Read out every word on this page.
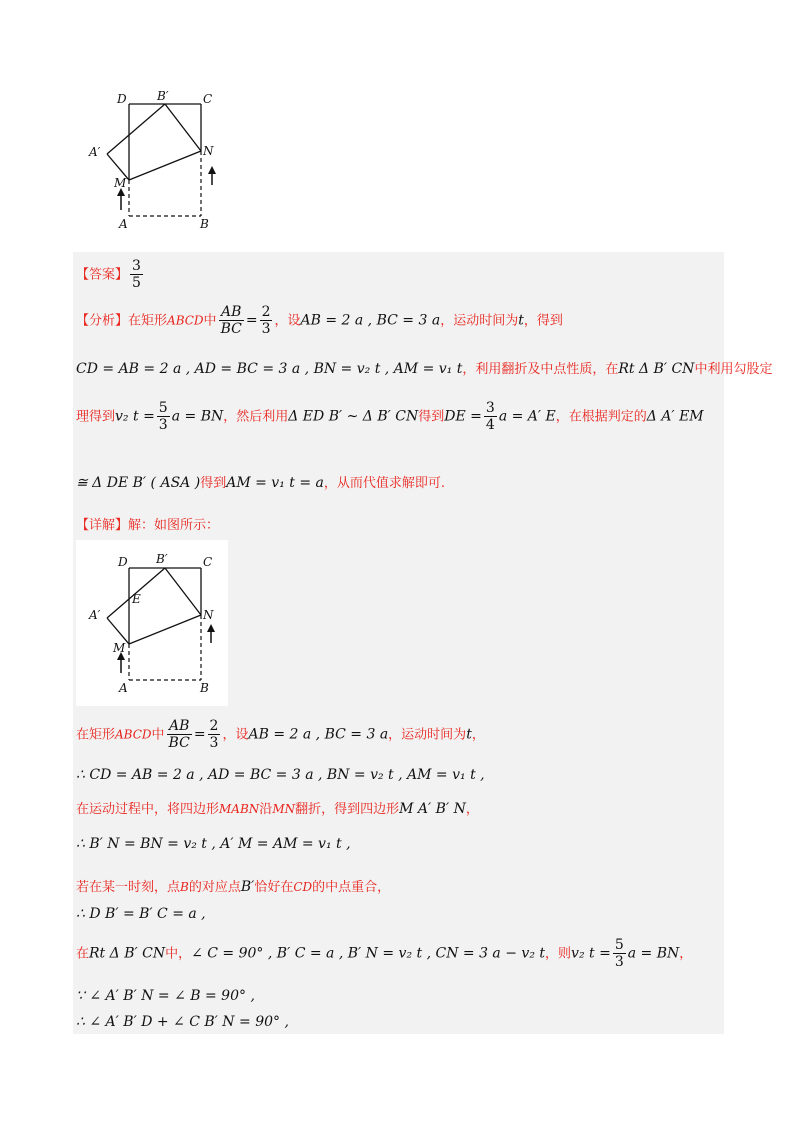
D	B′	C
A′	N
M
A	B
【答案】 $\frac{3}{5}$
【分析】在矩形ABCD中 $\frac{AB}{BC} = \frac{2}{3}$ ，设AB = 2 a , BC = 3 a，运动时间为t，得到
CD = AB = 2 a , AD = BC = 3 a , BN = v₂ t , AM = v₁ t，利用翻折及中点性质，在Rt Δ B′ CN中利用勾股定
理得到v₂ $t = \frac{5}{3}$ a = BN，然后利用Δ ED B′ ∼ Δ B′ CN得到DE = $\frac{3}{4}$ a = A′ E，在根据判定的Δ A′ EM
≅ Δ DE B′ ( ASA )得到AM = v₁ t = a，从而代值求解即可.
【详解】解：如图所示：
D B′	C
A′
E
N
M
A	B
在矩形ABCD中 $\frac{AB}{BC} = \frac{2}{3}$ ，设AB = 2 a , BC = 3 a，运动时间为t，
∴ CD = AB = 2 a , AD = BC = 3 a , BN = v₂ t , AM = v₁ t ,
在运动过程中，将四边形MABN沿MN翻折，得到四边形M A′ B′ N，
∴ B′ N = BN = v₂ t , A′ M = AM = v₁ t ,
若在某一时刻，点B的对应点B′恰好在CD的中点重合，
∴ D B′ = B′ C = a ,
在Rt Δ B′ CN中，∠ C = 90° , B′ C = a , B′ N = v₂ t , CN = 3 a − v₂ t，则v₂ $t = \frac{5}{3}$ a = BN，
∵ ∠ A′ B′ N = ∠ B = 90° ,
∴ ∠ A′ B′ D + ∠ C B′ N = 90° ,
